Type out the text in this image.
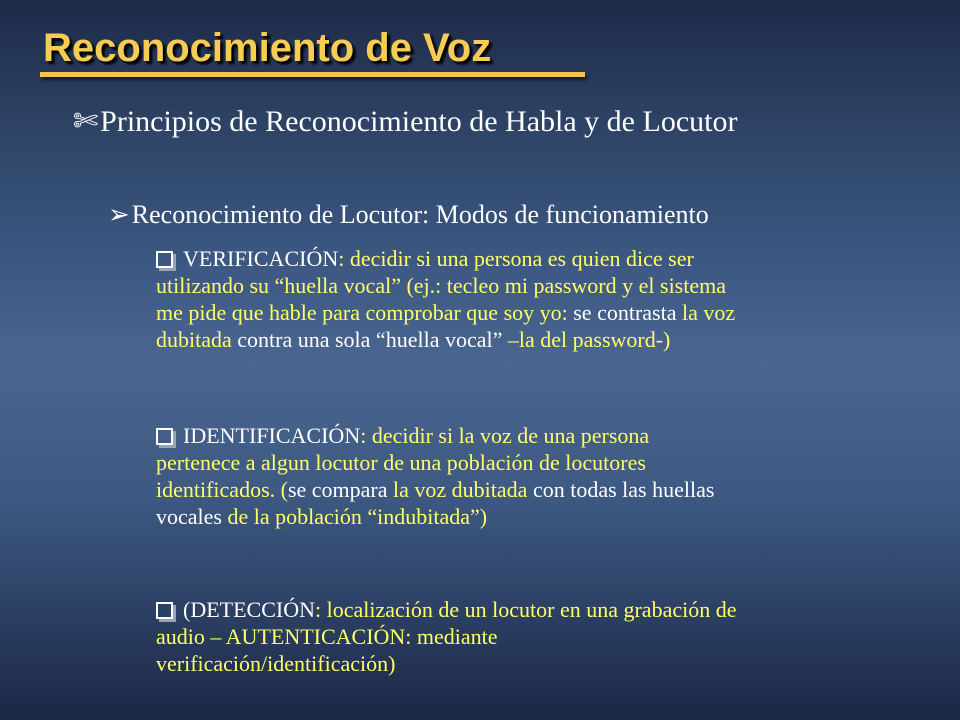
Reconocimiento de Voz

✄Principios de Reconocimiento de Habla y de Locutor

➢Reconocimiento de Locutor: Modos de funcionamiento

VERIFICACIÓN: decidir si una persona es quien dice ser
utilizando su “huella vocal” (ej.: tecleo mi password y el sistema
me pide que hable para comprobar que soy yo: se contrasta la voz
dubitada contra una sola “huella vocal” –la del password-)
IDENTIFICACIÓN: decidir si la voz de una persona
pertenece a algun locutor de una población de locutores
identificados. (se compara la voz dubitada con todas las huellas
vocales de la población “indubitada”)
(DETECCIÓN: localización de un locutor en una grabación de
audio – AUTENTICACIÓN: mediante
verificación/identificación)
